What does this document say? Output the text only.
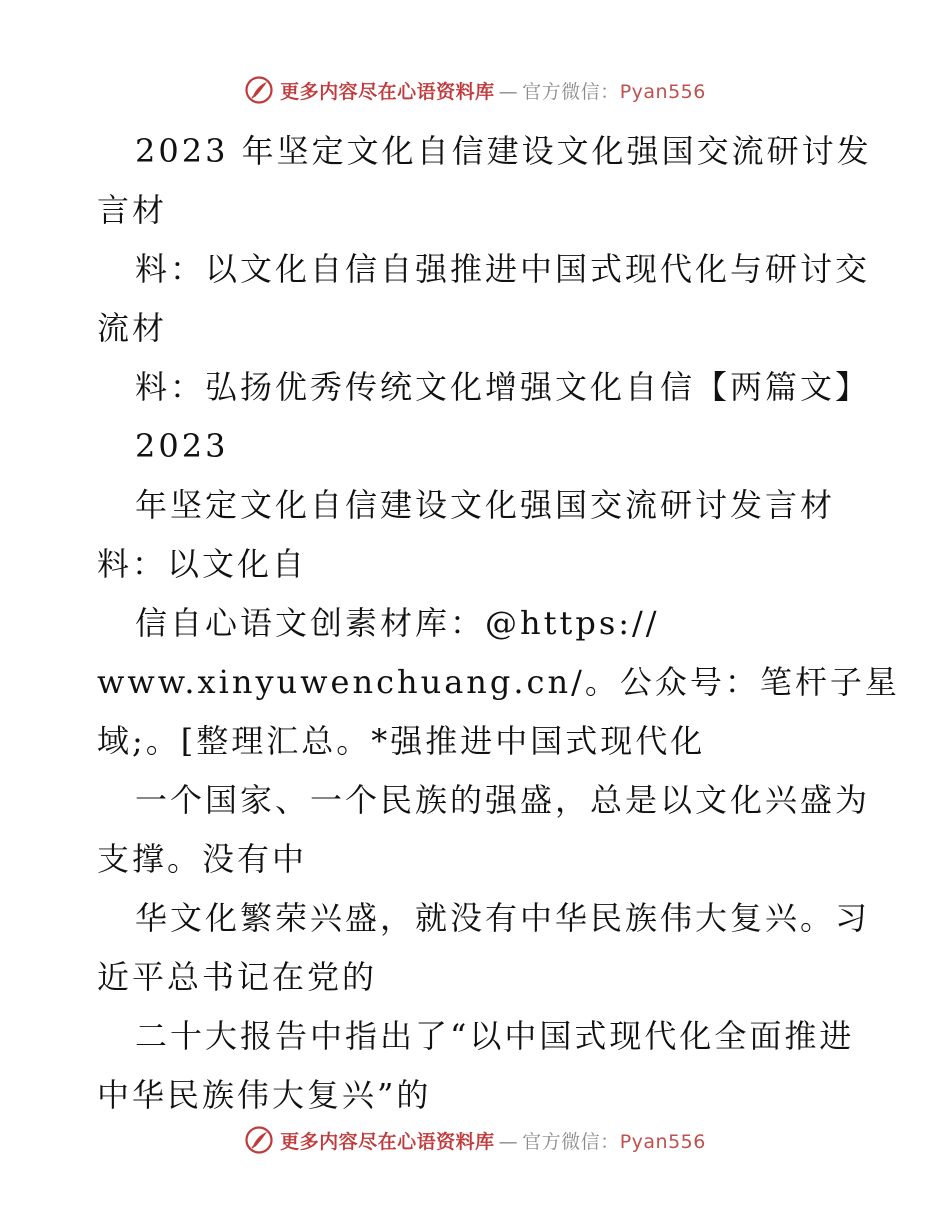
更多内容尽在心语资料库 — 官方微信：Pyan556
2023 年坚定文化自信建设文化强国交流研讨发
言材
料：以文化自信自强推进中国式现代化与研讨交
流材
料：弘扬优秀传统文化增强文化自信【两篇文】
2023
年坚定文化自信建设文化强国交流研讨发言材
料：以文化自
信自心语文创素材库：@https://
www.xinyuwenchuang.cn/。公众号：笔杆子星
域;。[整理汇总。*强推进中国式现代化
一个国家、一个民族的强盛，总是以文化兴盛为
支撑。没有中
华文化繁荣兴盛，就没有中华民族伟大复兴。习
近平总书记在党的
二十大报告中指出了“以中国式现代化全面推进
中华民族伟大复兴”的
更多内容尽在心语资料库 — 官方微信：Pyan556
